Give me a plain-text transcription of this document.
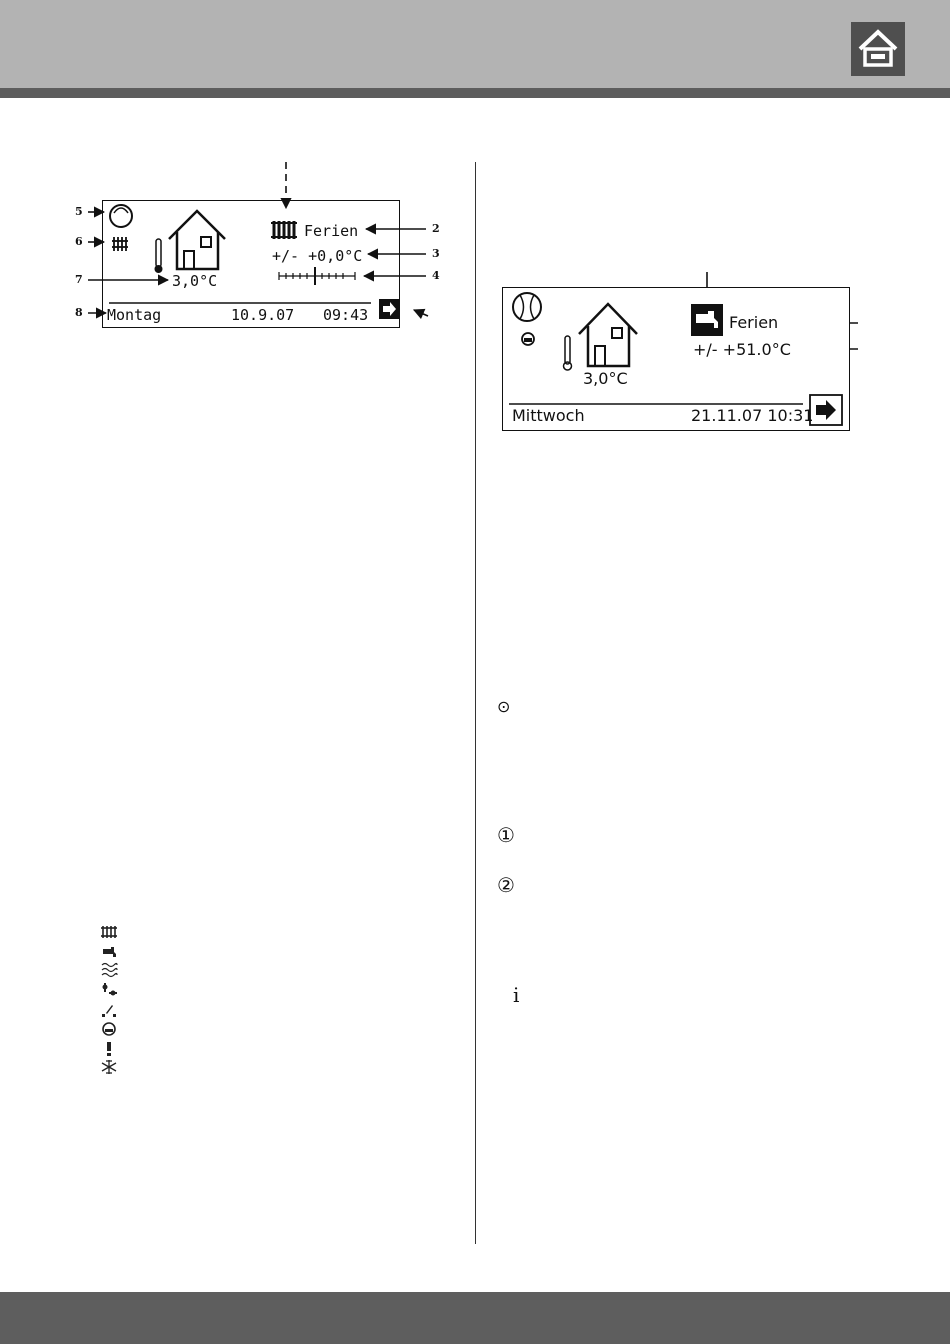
Ferien
+/- +0,0°C
3,0°C
Montag	10.9.07 09:43
5
6
7
8
2
3
4
Ferien
+/- +51.0°C
3,0°C
Mittwoch	21.11.07 10:31
⊙
①
②
i
